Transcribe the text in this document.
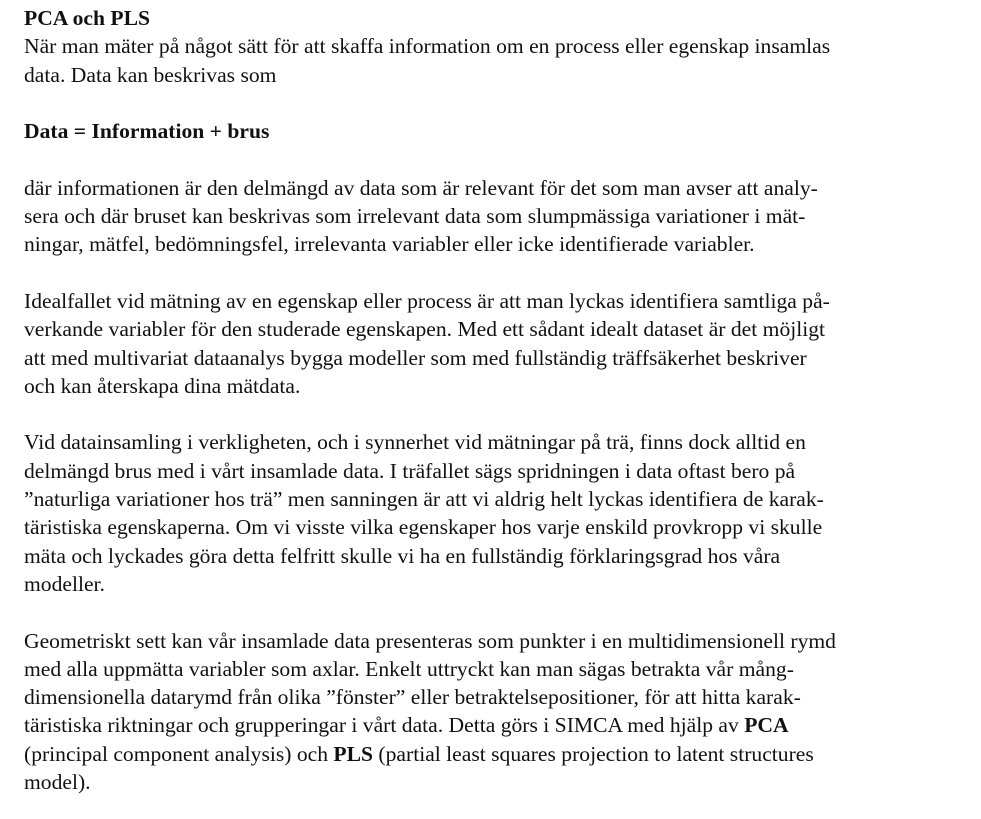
PCA och PLS

När man mäter på något sätt för att skaffa information om en process eller egenskap insamlas
data. Data kan beskrivas som

Data = Information + brus

där informationen är den delmängd av data som är relevant för det som man avser att analy-
sera och där bruset kan beskrivas som irrelevant data som slumpmässiga variationer i mät-
ningar, mätfel, bedömningsfel, irrelevanta variabler eller icke identifierade variabler.
Idealfallet vid mätning av en egenskap eller process är att man lyckas identifiera samtliga på-
verkande variabler för den studerade egenskapen. Med ett sådant idealt dataset är det möjligt
att med multivariat dataanalys bygga modeller som med fullständig träffsäkerhet beskriver
och kan återskapa dina mätdata.
Vid datainsamling i verkligheten, och i synnerhet vid mätningar på trä, finns dock alltid en
delmängd brus med i vårt insamlade data. I träfallet sägs spridningen i data oftast bero på
”naturliga variationer hos trä” men sanningen är att vi aldrig helt lyckas identifiera de karak-
täristiska egenskaperna. Om vi visste vilka egenskaper hos varje enskild provkropp vi skulle
mäta och lyckades göra detta felfritt skulle vi ha en fullständig förklaringsgrad hos våra
modeller.
Geometriskt sett kan vår insamlade data presenteras som punkter i en multidimensionell rymd
med alla uppmätta variabler som axlar. Enkelt uttryckt kan man sägas betrakta vår mång-
dimensionella datarymd från olika ”fönster” eller betraktelsepositioner, för att hitta karak-
täristiska riktningar och grupperingar i vårt data. Detta görs i SIMCA med hjälp av PCA
(principal component analysis) och PLS (partial least squares projection to latent structures
model).
